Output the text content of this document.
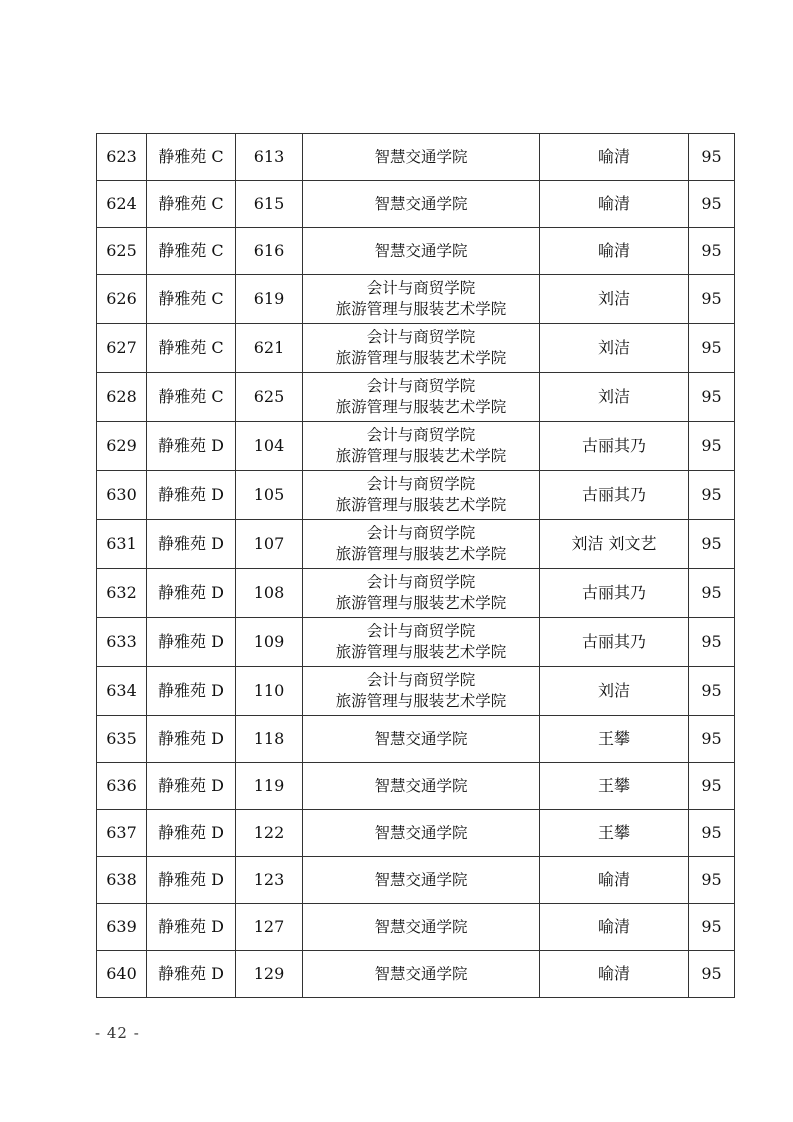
623	静雅苑 C	613	智慧交通学院	喻清	95
624	静雅苑 C	615	智慧交通学院	喻清	95
625	静雅苑 C	616	智慧交通学院	喻清	95
626	静雅苑 C	619	会计与商贸学院
旅游管理与服装艺术学院	刘洁	95
627	静雅苑 C	621	会计与商贸学院
旅游管理与服装艺术学院	刘洁	95
628	静雅苑 C	625	会计与商贸学院
旅游管理与服装艺术学院	刘洁	95
629	静雅苑 D	104	会计与商贸学院
旅游管理与服装艺术学院	古丽其乃	95
630	静雅苑 D	105	会计与商贸学院
旅游管理与服装艺术学院	古丽其乃	95
631	静雅苑 D	107	会计与商贸学院
旅游管理与服装艺术学院	刘洁 刘文艺	95
632	静雅苑 D	108	会计与商贸学院
旅游管理与服装艺术学院	古丽其乃	95
633	静雅苑 D	109	会计与商贸学院
旅游管理与服装艺术学院	古丽其乃	95
634	静雅苑 D	110	会计与商贸学院
旅游管理与服装艺术学院	刘洁	95
635	静雅苑 D	118	智慧交通学院	王攀	95
636	静雅苑 D	119	智慧交通学院	王攀	95
637	静雅苑 D	122	智慧交通学院	王攀	95
638	静雅苑 D	123	智慧交通学院	喻清	95
639	静雅苑 D	127	智慧交通学院	喻清	95
640	静雅苑 D	129	智慧交通学院	喻清	95
- 42 -
